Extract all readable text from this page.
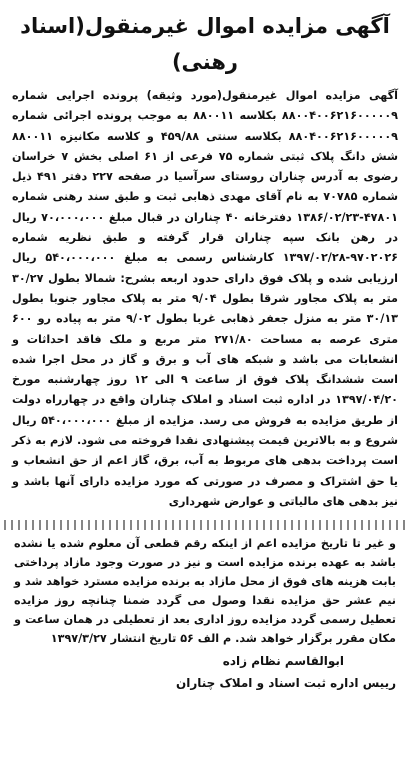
آگهی مزایده اموال غیرمنقول(اسناد رهنی)

آگهی مزایده اموال غیرمنقول(مورد وثیقه) پرونده اجرایی شماره ۸۸۰۰۴۰۰۶۲۱۶۰۰۰۰۰۹ بکلاسه ۸۸۰۰۱۱ به موجب پرونده اجرائی شماره ۸۸۰۴۰۰۶۲۱۶۰۰۰۰۰۹ بکلاسه سنتی ۴۵۹/۸۸ و کلاسه مکانیزه ۸۸۰۰۱۱ شش دانگ پلاک ثبتی شماره ۷۵ فرعی از ۶۱ اصلی بخش ۷ خراسان رضوی به آدرس چناران روستای سرآسیا در صفحه ۲۲۷ دفتر ۴۹۱ ذیل شماره ۷۰۷۸۵ به نام آقای مهدی ذهابی ثبت و طبق سند رهنی شماره ۴۷۸۰۱-۱۳۸۶/۰۲/۲۳ دفترخانه ۴۰ چناران در قبال مبلغ ۷۰،۰۰۰،۰۰۰ ریال در رهن بانک سپه چناران قرار گرفته و طبق نظریه شماره ۹۷۰۲۰۲۶-۱۳۹۷/۰۲/۲۸ کارشناس رسمی به مبلغ ۵۴۰،۰۰۰،۰۰۰ ریال ارزیابی شده و پلاک فوق دارای حدود اربعه بشرح: شمالا بطول ۳۰/۲۷ متر به پلاک مجاور شرقا بطول ۹/۰۴ متر به پلاک مجاور جنوبا بطول ۳۰/۱۳ متر به منزل جعفر ذهابی غربا بطول ۹/۰۲ متر به پیاده رو ۶۰۰ متری عرصه به مساحت ۲۷۱/۸۰ متر مربع و ملک فاقد احداثات و انشعابات می باشد و شبکه های آب و برق و گاز در محل اجرا شده است ششدانگ پلاک فوق از ساعت ۹ الی ۱۲ روز چهارشنبه مورخ ۱۳۹۷/۰۴/۲۰ در اداره ثبت اسناد و املاک چناران واقع در چهارراه دولت از طریق مزایده به فروش می رسد. مزایده از مبلغ ۵۴۰،۰۰۰،۰۰۰ ریال شروع و به بالاترین قیمت پیشنهادی نقدا فروخته می شود. لازم به ذکر است پرداخت بدهی های مربوط به آب، برق، گاز اعم از حق انشعاب و یا حق اشتراک و مصرف در صورتی که مورد مزایده دارای آنها باشد و نیز بدهی های مالیاتی و عوارض شهرداری

و غیر تا تاریخ مزایده اعم از اینکه رقم قطعی آن معلوم شده یا نشده باشد به عهده برنده مزایده است و نیز در صورت وجود مازاد پرداختی بابت هزینه های فوق از محل مازاد به برنده مزایده مسترد خواهد شد و نیم عشر حق مزایده نقدا وصول می گردد ضمنا چنانچه روز مزایده تعطیل رسمی گردد مزایده روز اداری بعد از تعطیلی در همان ساعت و مکان مقرر برگزار خواهد شد. م الف ۵۶ تاریخ انتشار ۱۳۹۷/۳/۲۷

ابوالقاسم نظام زاده
رییس اداره ثبت اسناد و املاک چناران
